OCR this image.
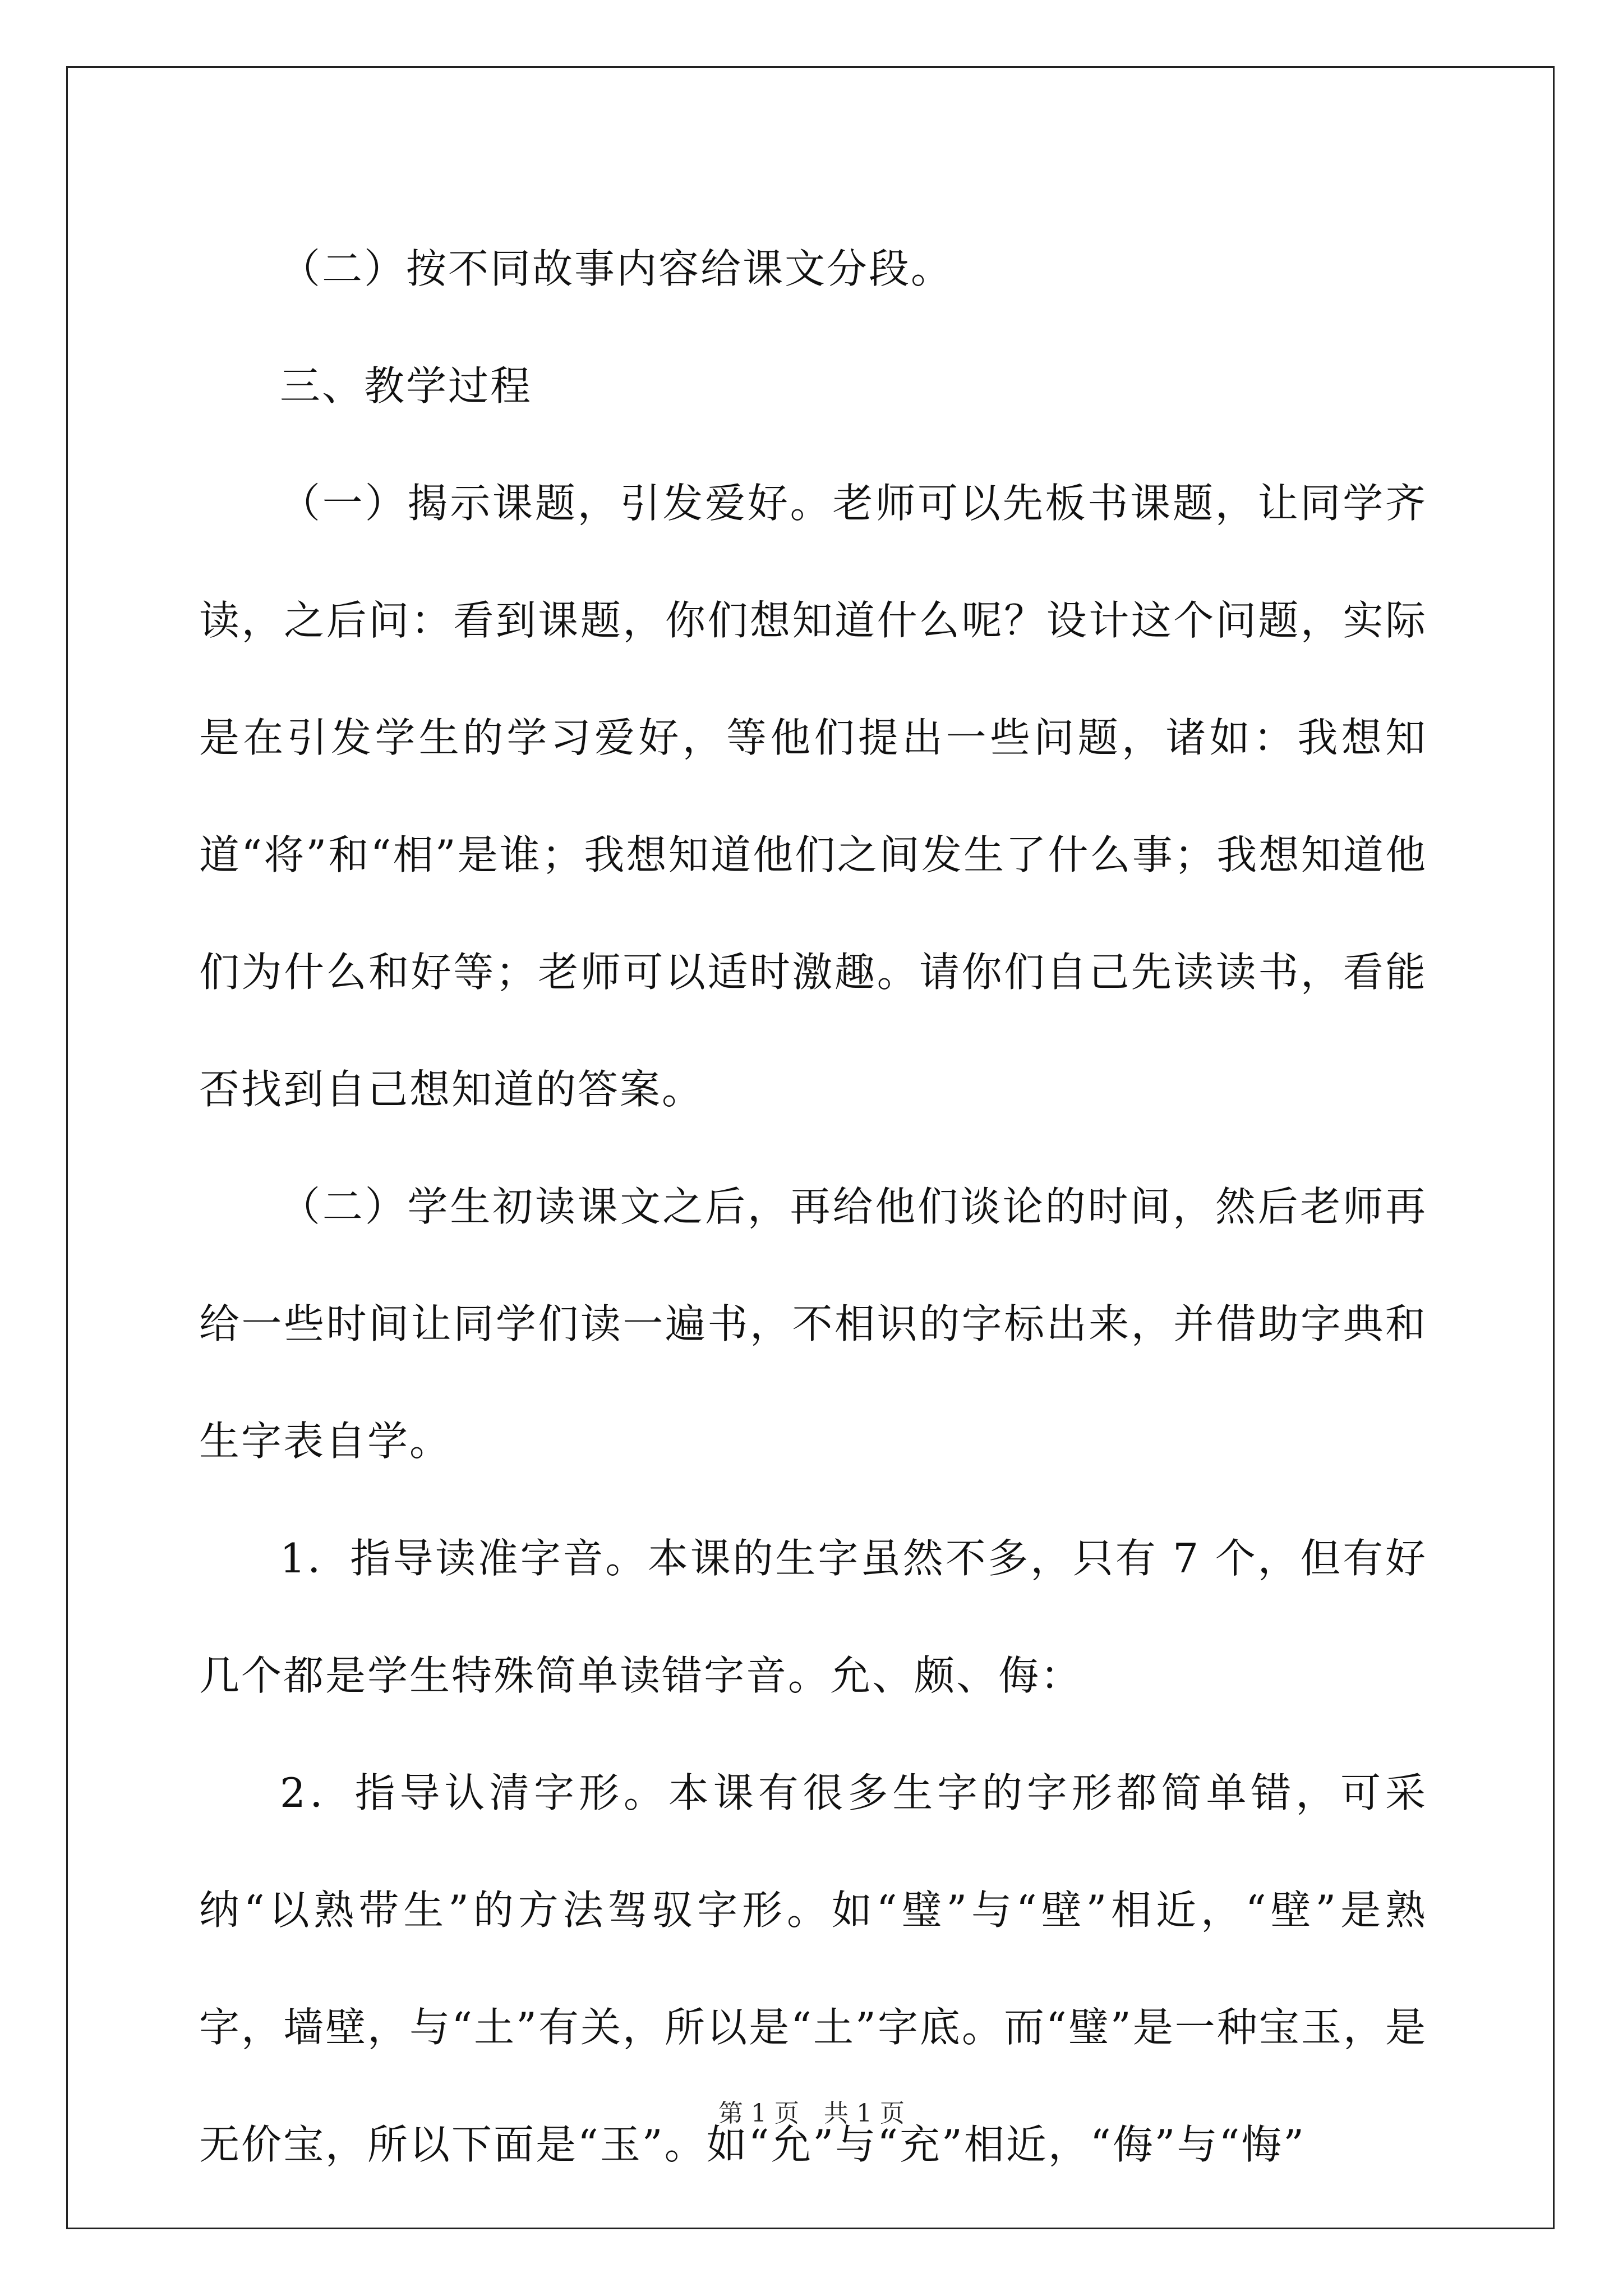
（二）按不同故事内容给课文分段。

三、教学过程

（一）揭示课题，引发爱好。老师可以先板书课题，让同学齐读，之后问：看到课题，你们想知道什么呢？设计这个问题，实际是在引发学生的学习爱好，等他们提出一些问题，诸如：我想知道“将”和“相”是谁；我想知道他们之间发生了什么事；我想知道他们为什么和好等；老师可以适时激趣。请你们自己先读读书，看能否找到自己想知道的答案。

（二）学生初读课文之后，再给他们谈论的时间，然后老师再给一些时间让同学们读一遍书，不相识的字标出来，并借助字典和生字表自学。

1．指导读准字音。本课的生字虽然不多，只有 7 个，但有好几个都是学生特殊简单读错字音。允、颇、侮：

2．指导认清字形。本课有很多生字的字形都简单错，可采纳“以熟带生”的方法驾驭字形。如“璧”与“壁”相近，“壁”是熟字，墙壁，与“土”有关，所以是“土”字底。而“璧”是一种宝玉，是无价宝，所以下面是“玉”。如“允”与“充”相近，“侮”与“悔”

第 1 页　共 1 页
